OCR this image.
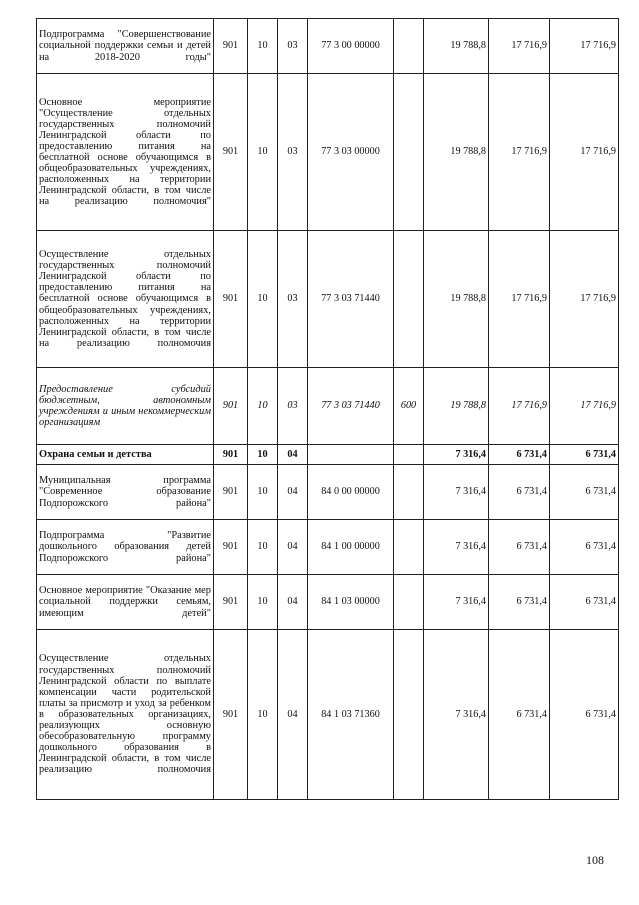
Подпрограмма "Совершенствование социальной поддержки семьи и детей на 2018-2020 годы"	901	10	03	77 3 00 00000		19 788,8	17 716,9	17 716,9
Основное мероприятие "Осуществление отдельных государственных полномочий Ленинградской области по предоставлению питания на бесплатной основе обучающимся в общеобразовательных учреждениях, расположенных на территории Ленинградской области, в том числе на реализацию полномочия"	901	10	03	77 3 03 00000		19 788,8	17 716,9	17 716,9
Осуществление отдельных государственных полномочий Ленинградской области по предоставлению питания на бесплатной основе обучающимся в общеобразовательных учреждениях, расположенных на территории Ленинградской области, в том числе на реализацию полномочия	901	10	03	77 3 03 71440		19 788,8	17 716,9	17 716,9
Предоставление субсидий бюджетным, автономным учреждениям и иным некоммерческим организациям	901	10	03	77 3 03 71440	600	19 788,8	17 716,9	17 716,9
Охрана семьи и детства	901	10	04			7 316,4	6 731,4	6 731,4
Муниципальная программа "Современное образование Подпорожского района"	901	10	04	84 0 00 00000		7 316,4	6 731,4	6 731,4
Подпрограмма "Развитие дошкольного образования детей Подпорожского района"	901	10	04	84 1 00 00000		7 316,4	6 731,4	6 731,4
Основное мероприятие "Оказание мер социальной поддержки семьям, имеющим детей"	901	10	04	84 1 03 00000		7 316,4	6 731,4	6 731,4
Осуществление отдельных государственных полномочий Ленинградской области по выплате компенсации части родительской платы за присмотр и уход за ребенком в образовательных организациях, реализующих основную обесобразовательную программу дошкольного образования в Ленинградской области, в том числе реализацию полномочия	901	10	04	84 1 03 71360		7 316,4	6 731,4	6 731,4
108
